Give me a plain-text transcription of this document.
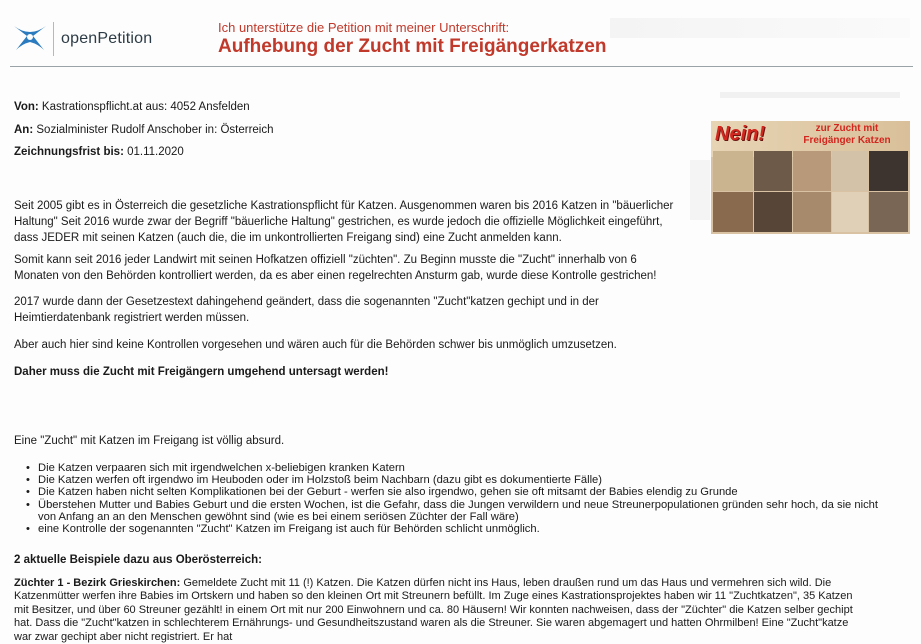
openPetition
Ich unterstütze die Petition mit meiner Unterschrift:
Aufhebung der Zucht mit Freigängerkatzen
Von: Kastrationspflicht.at aus: 4052 Ansfelden
An: Sozialminister Rudolf Anschober in: Österreich
Zeichnungsfrist bis: 01.11.2020
Nein!	zur Zucht mit
Freigänger Katzen

Seit 2005 gibt es in Österreich die gesetzliche Kastrationspflicht für Katzen. Ausgenommen waren bis 2016 Katzen in "bäuerlicher Haltung" Seit 2016 wurde zwar der Begriff "bäuerliche Haltung" gestrichen, es wurde jedoch die offizielle Möglichkeit eingeführt, dass JEDER mit seinen Katzen (auch die, die im unkontrollierten Freigang sind) eine Zucht anmelden kann.

Somit kann seit 2016 jeder Landwirt mit seinen Hofkatzen offiziell "züchten". Zu Beginn musste die "Zucht" innerhalb von 6 Monaten von den Behörden kontrolliert werden, da es aber einen regelrechten Ansturm gab, wurde diese Kontrolle gestrichen!

2017 wurde dann der Gesetzestext dahingehend geändert, dass die sogenannten "Zucht"katzen gechipt und in der Heimtierdatenbank registriert werden müssen.

Aber auch hier sind keine Kontrollen vorgesehen und wären auch für die Behörden schwer bis unmöglich umzusetzen.

Daher muss die Zucht mit Freigängern umgehend untersagt werden!

Eine "Zucht" mit Katzen im Freigang ist völlig absurd.

• Die Katzen verpaaren sich mit irgendwelchen x-beliebigen kranken Katern
• Die Katzen werfen oft irgendwo im Heuboden oder im Holzstoß beim Nachbarn (dazu gibt es dokumentierte Fälle)
• Die Katzen haben nicht selten Komplikationen bei der Geburt - werfen sie also irgendwo, gehen sie oft mitsamt der Babies elendig zu Grunde
• Überstehen Mutter und Babies Geburt und die ersten Wochen, ist die Gefahr, dass die Jungen verwildern und neue Streunerpopulationen gründen sehr hoch, da sie nicht von Anfang an an den Menschen gewöhnt sind (wie es bei einem seriösen Züchter der Fall wäre)
• eine Kontrolle der sogenannten "Zucht" Katzen im Freigang ist auch für Behörden schlicht unmöglich.

2 aktuelle Beispiele dazu aus Oberösterreich:

Züchter 1 - Bezirk Grieskirchen: Gemeldete Zucht mit 11 (!) Katzen. Die Katzen dürfen nicht ins Haus, leben draußen rund um das Haus und vermehren sich wild. Die Katzenmütter werfen ihre Babies im Ortskern und haben so den kleinen Ort mit Streunern befüllt. Im Zuge eines Kastrationsprojektes haben wir 11 "Zuchtkatzen", 35 Katzen mit Besitzer, und über 60 Streuner gezählt! in einem Ort mit nur 200 Einwohnern und ca. 80 Häusern! Wir konnten nachweisen, dass der "Züchter" die Katzen selber gechipt hat. Dass die "Zucht"katzen in schlechterem Ernährungs- und Gesundheitszustand waren als die Streuner. Sie waren abgemagert und hatten Ohrmilben! Eine "Zucht"katze war zwar gechipt aber nicht registriert. Er hat
